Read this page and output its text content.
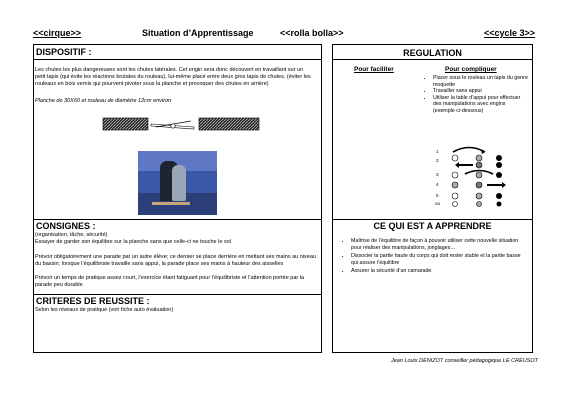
<<cirque>>	Situation d’Apprentissage	<<rolla bolla>>	<<cycle 3>>
DISPOSITIF :

Les chutes les plus dangereuses sont les chutes latérales. Cet engin sera donc découvert en travaillant sur un petit tapis (qui évite les réactions brutales du rouleau), lui-même placé entre deux gros tapis de chutes. (éviter les rouleaux en bois vernis qui pourvent pivoter sous la planche et provoquer des chutes en arrière)

Planche de 30X60 et rouleau de diamètre 12cm environ

CONSIGNES :

(organisation, tâche, sécurité)

Essayer de garder son équilibre sur la planche sans que celle-ci ne touche le sol

Prévoir obligatoirement une parade par un autre élève; ce dernier se place derrière en mettant ses mains au niveau du bassin; lorsque l’équilibriste travaille sans appui, la parade place ses mains à hauteur des aisselles

Prévoir un temps de pratique assez court, l’exercice étant fatiguant pour l’équilibriste et l’attention portée par la parade peu durable

CRITERES DE REUSSITE :

Selon les niveaux de pratique (voir fiche auto évaluation)

REGULATION
Pour faciliter	Pour compliquer
• Placer sous le rouleau un tapis du genre moquette
• Travailler sans appui
• Utiliser la table d’appui pour effectuer des manipulations avec engins (exemple ci-dessous)
1
2
3
4
5
ou
CE QUI EST A APPRENDRE
• Maîtrise de l’équilibre de façon à pouvoir utiliser cette nouvelle situation pour réaliser des manipulations, jonglages…
• Dissocier la partie haute du corps qui doit rester stable et la partie basse qui assure l’équilibre
• Assurer la sécurité d’un camarade
Jean Louis DENIZOT conseiller pédagogique LE CREUSOT
